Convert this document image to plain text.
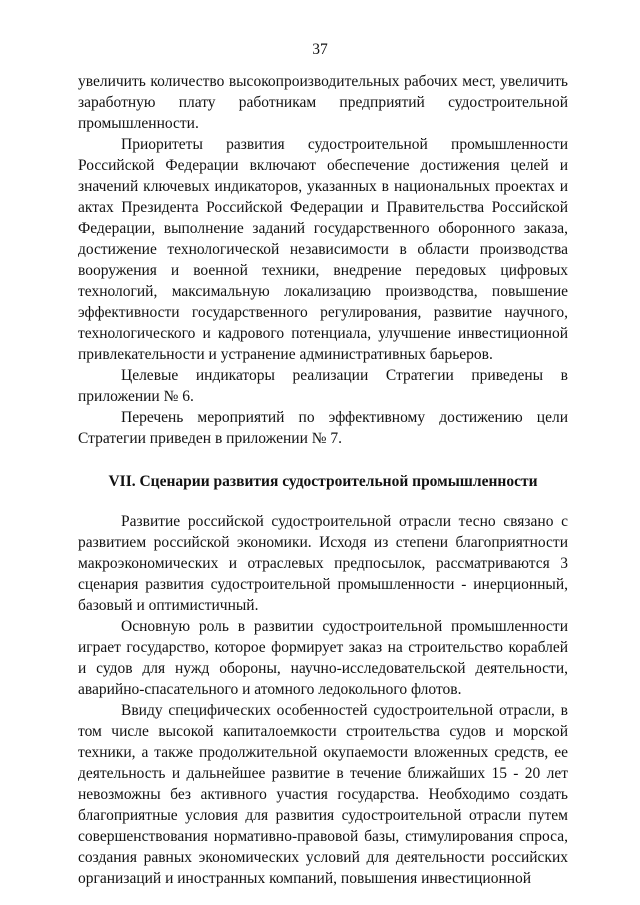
37

увеличить количество высокопроизводительных рабочих мест, увеличить заработную плату работникам предприятий судостроительной промышленности.

Приоритеты развития судостроительной промышленности Российской Федерации включают обеспечение достижения целей и значений ключевых индикаторов, указанных в национальных проектах и актах Президента Российской Федерации и Правительства Российской Федерации, выполнение заданий государственного оборонного заказа, достижение технологической независимости в области производства вооружения и военной техники, внедрение передовых цифровых технологий, максимальную локализацию производства, повышение эффективности государственного регулирования, развитие научного, технологического и кадрового потенциала, улучшение инвестиционной привлекательности и устранение административных барьеров.

Целевые индикаторы реализации Стратегии приведены в приложении № 6.

Перечень мероприятий по эффективному достижению цели Стратегии приведен в приложении № 7.

VII. Сценарии развития судостроительной промышленности

Развитие российской судостроительной отрасли тесно связано с развитием российской экономики. Исходя из степени благоприятности макроэкономических и отраслевых предпосылок, рассматриваются 3 сценария развития судостроительной промышленности - инерционный, базовый и оптимистичный.

Основную роль в развитии судостроительной промышленности играет государство, которое формирует заказ на строительство кораблей и судов для нужд обороны, научно-исследовательской деятельности, аварийно-спасательного и атомного ледокольного флотов.

Ввиду специфических особенностей судостроительной отрасли, в том числе высокой капиталоемкости строительства судов и морской техники, а также продолжительной окупаемости вложенных средств, ее деятельность и дальнейшее развитие в течение ближайших 15 - 20 лет невозможны без активного участия государства. Необходимо создать благоприятные условия для развития судостроительной отрасли путем совершенствования нормативно-правовой базы, стимулирования спроса, создания равных экономических условий для деятельности российских организаций и иностранных компаний, повышения инвестиционной
